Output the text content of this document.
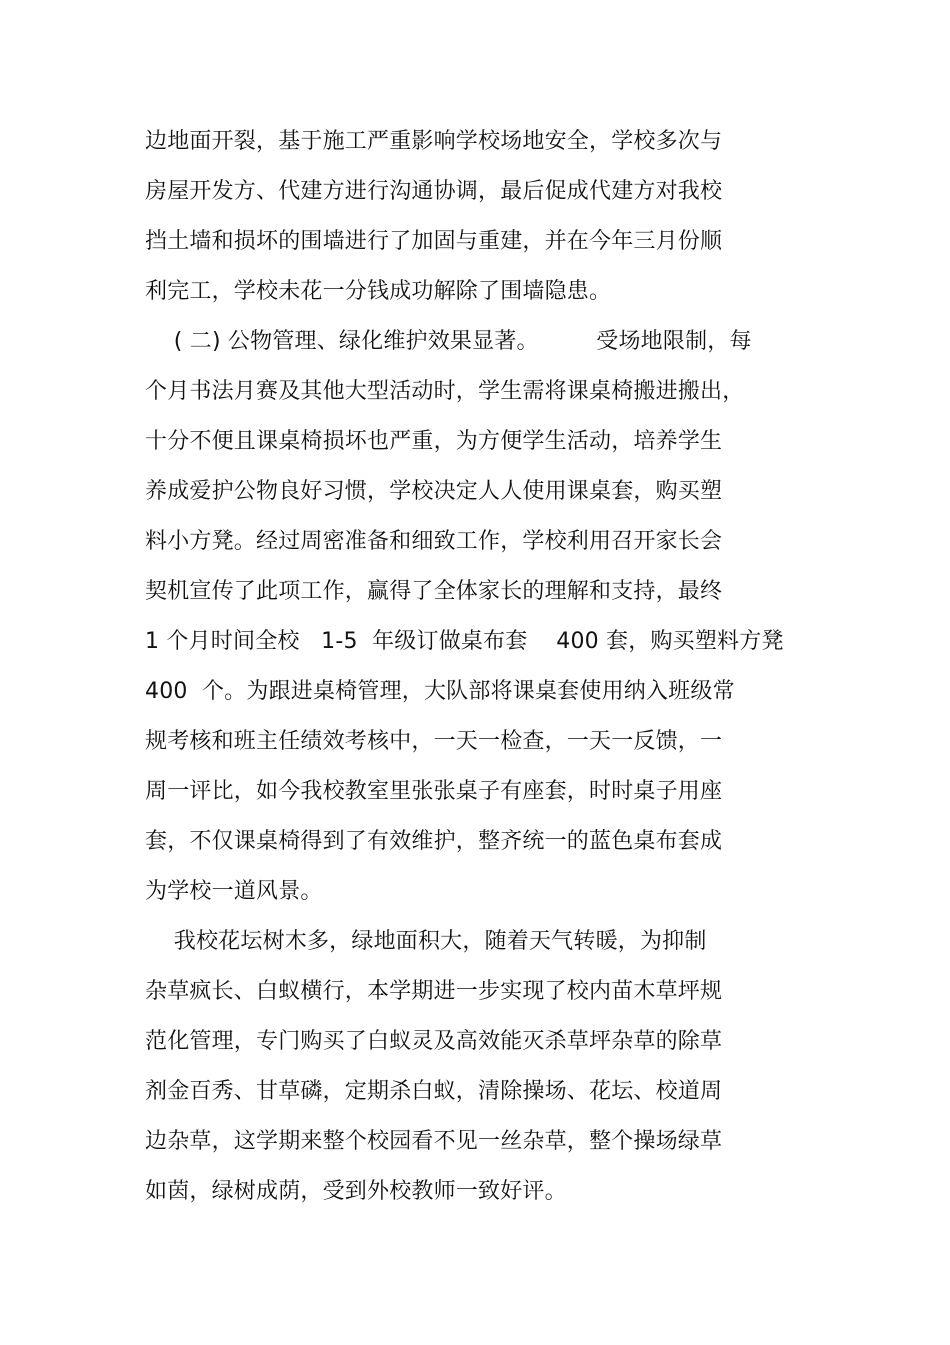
边地面开裂，基于施工严重影响学校场地安全，学校多次与
房屋开发方、代建方进行沟通协调，最后促成代建方对我校
挡土墙和损坏的围墙进行了加固与重建，并在今年三月份顺
利完工，学校未花一分钱成功解除了围墙隐患。
( 二) 公物管理、绿化维护效果显著。        受场地限制，每
个月书法月赛及其他大型活动时，学生需将课桌椅搬进搬出，
十分不便且课桌椅损坏也严重，为方便学生活动，培养学生
养成爱护公物良好习惯，学校决定人人使用课桌套，购买塑
料小方凳。经过周密准备和细致工作，学校利用召开家长会
契机宣传了此项工作，赢得了全体家长的理解和支持，最终
1 个月时间全校   1-5  年级订做桌布套    400 套，购买塑料方凳
400  个。为跟进桌椅管理，大队部将课桌套使用纳入班级常
规考核和班主任绩效考核中，一天一检查，一天一反馈，一
周一评比，如今我校教室里张张桌子有座套，时时桌子用座
套，不仅课桌椅得到了有效维护，整齐统一的蓝色桌布套成
为学校一道风景。
我校花坛树木多，绿地面积大，随着天气转暖，为抑制
杂草疯长、白蚁横行，本学期进一步实现了校内苗木草坪规
范化管理，专门购买了白蚁灵及高效能灭杀草坪杂草的除草
剂金百秀、甘草磷，定期杀白蚁，清除操场、花坛、校道周
边杂草，这学期来整个校园看不见一丝杂草，整个操场绿草
如茵，绿树成荫，受到外校教师一致好评。
